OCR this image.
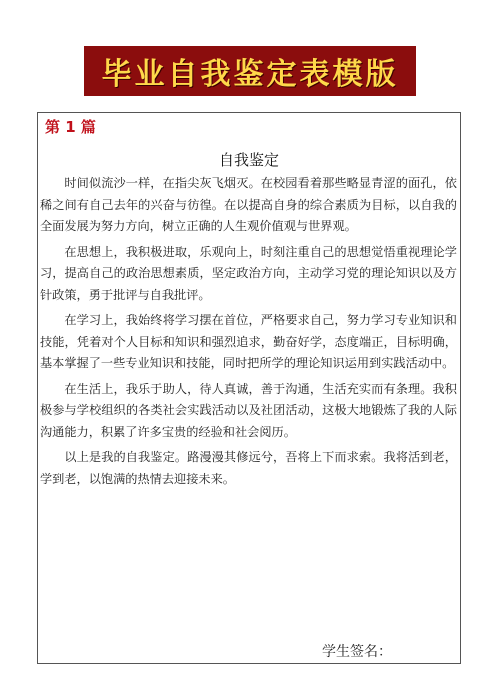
毕业自我鉴定表模版
第 1 篇
自我鉴定

时间似流沙一样，在指尖灰飞烟灭。在校园看着那些略显青涩的面孔，依稀之间有自己去年的兴奋与彷徨。在以提高自身的综合素质为目标，以自我的全面发展为努力方向，树立正确的人生观价值观与世界观。

在思想上，我积极进取，乐观向上，时刻注重自己的思想觉悟重视理论学习，提高自己的政治思想素质，坚定政治方向，主动学习党的理论知识以及方针政策，勇于批评与自我批评。

在学习上，我始终将学习摆在首位，严格要求自己，努力学习专业知识和技能，凭着对个人目标和知识和强烈追求，勤奋好学，态度端正，目标明确，基本掌握了一些专业知识和技能，同时把所学的理论知识运用到实践活动中。

在生活上，我乐于助人，待人真诚，善于沟通，生活充实而有条理。我积极参与学校组织的各类社会实践活动以及社团活动，这极大地锻炼了我的人际沟通能力，积累了许多宝贵的经验和社会阅历。

以上是我的自我鉴定。路漫漫其修远兮，吾将上下而求索。我将活到老，学到老，以饱满的热情去迎接未来。

学生签名：
